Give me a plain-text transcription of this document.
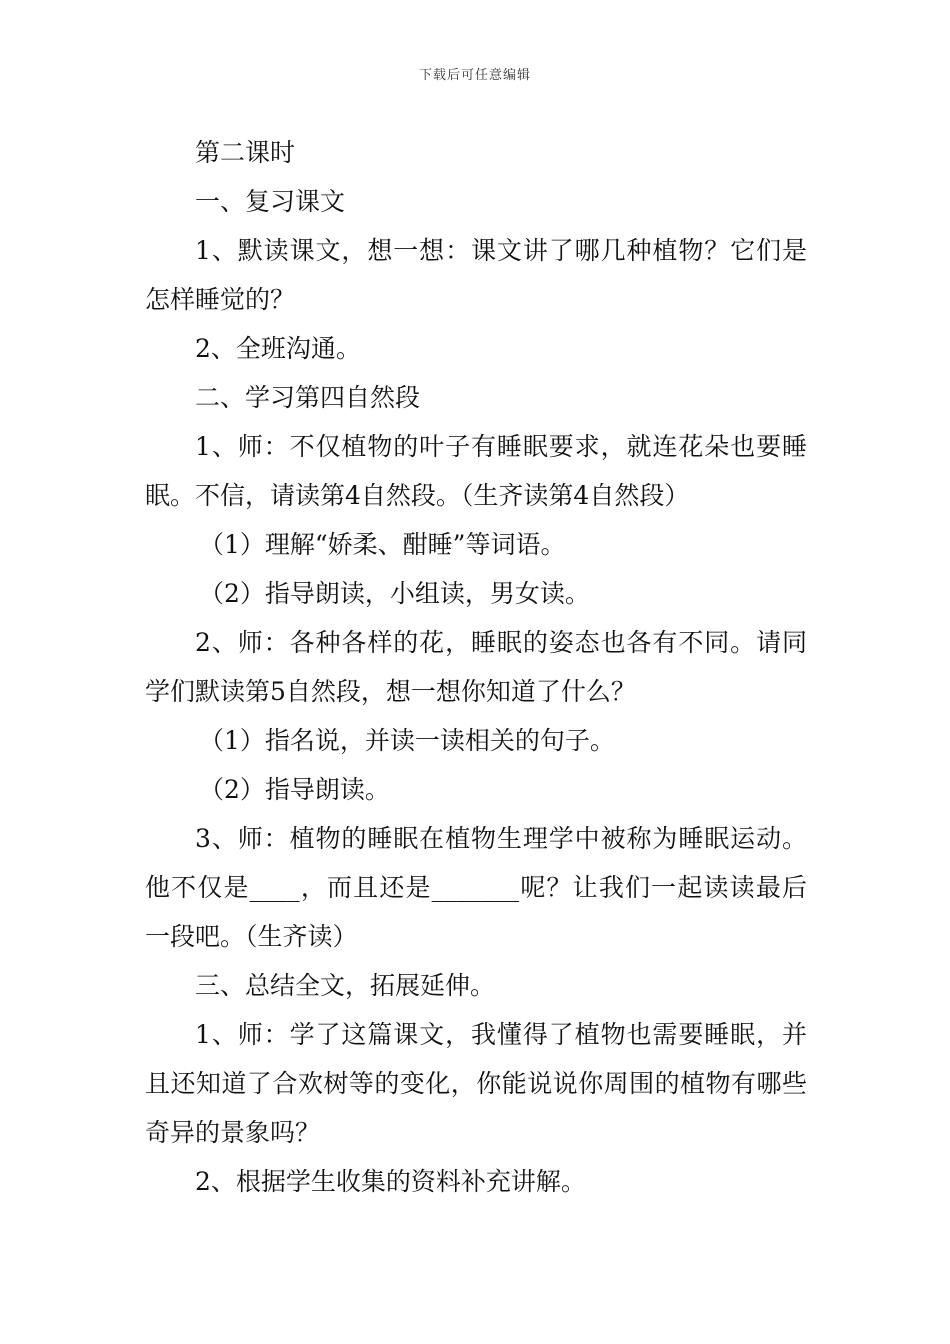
下载后可任意编辑

第二课时

一、复习课文

1、默读课文，想一想：课文讲了哪几种植物？它们是怎样睡觉的？

2、全班沟通。

二、学习第四自然段

1、师：不仅植物的叶子有睡眠要求，就连花朵也要睡眠。不信，请读第4自然段。（生齐读第4自然段）

（1）理解“娇柔、酣睡”等词语。

（2）指导朗读，小组读，男女读。

2、师：各种各样的花，睡眠的姿态也各有不同。请同学们默读第5自然段，想一想你知道了什么？

（1）指名说，并读一读相关的句子。

（2）指导朗读。

3、师：植物的睡眠在植物生理学中被称为睡眠运动。他不仅是____，而且还是_______呢？让我们一起读读最后一段吧。（生齐读）

三、总结全文，拓展延伸。

1、师：学了这篇课文，我懂得了植物也需要睡眠，并且还知道了合欢树等的变化，你能说说你周围的植物有哪些奇异的景象吗？

2、根据学生收集的资料补充讲解。
